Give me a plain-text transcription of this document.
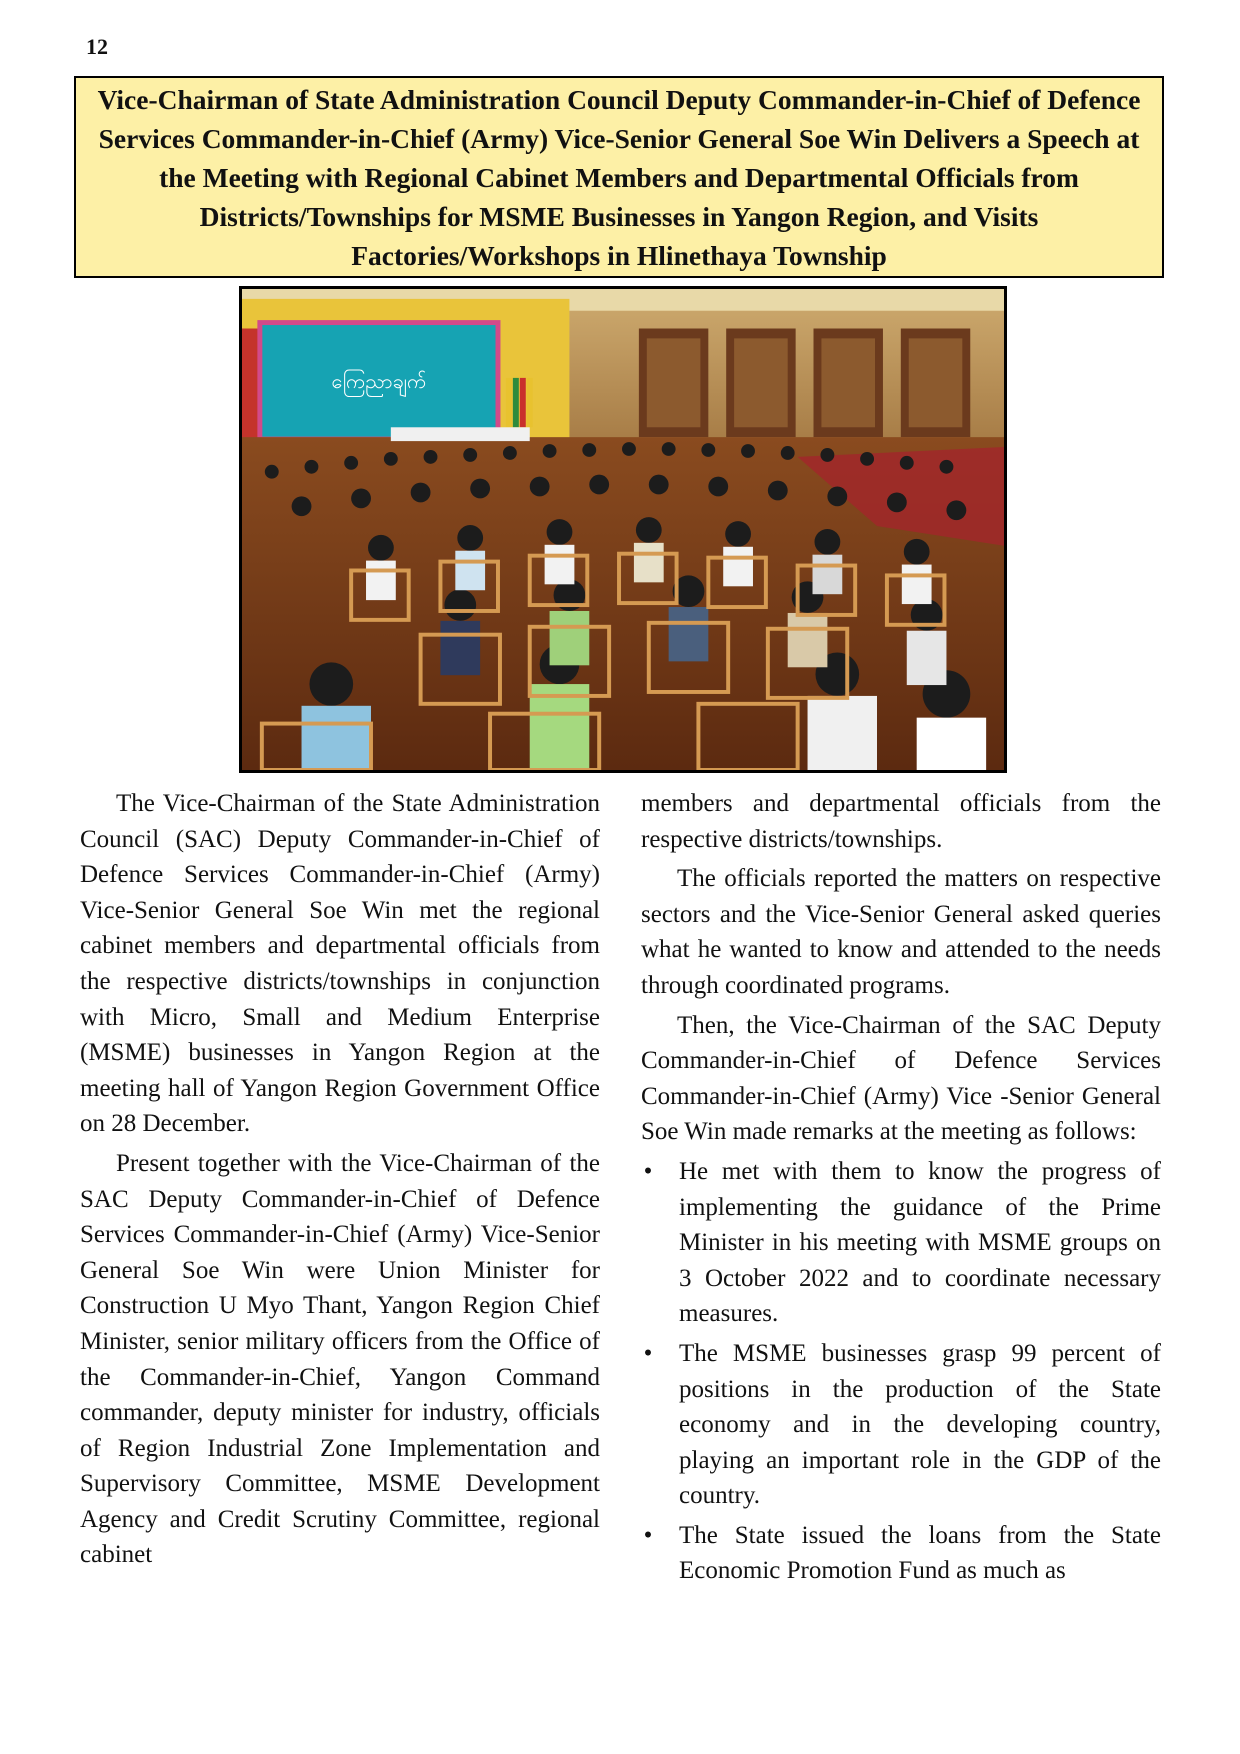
12
Vice-Chairman of State Administration Council Deputy Commander-in-Chief of Defence Services Commander-in-Chief (Army) Vice-Senior General Soe Win Delivers a Speech at the Meeting with Regional Cabinet Members and Departmental Officials from Districts/Townships for MSME Businesses in Yangon Region, and Visits Factories/Workshops in Hlinethaya Township
ကြေညာချက်

The Vice-Chairman of the State Administration Council (SAC) Deputy Commander-in-Chief of Defence Services Commander-in-Chief (Army) Vice-Senior General Soe Win met the regional cabinet members and departmental officials from the respective districts/townships in conjunction with Micro, Small and Medium Enterprise (MSME) businesses in Yangon Region at the meeting hall of Yangon Region Government Office on 28 December.

Present together with the Vice-Chairman of the SAC Deputy Commander-in-Chief of Defence Services Commander-in-Chief (Army) Vice-Senior General Soe Win were Union Minister for Construction U Myo Thant, Yangon Region Chief Minister, senior military officers from the Office of the Commander-in-Chief, Yangon Command commander, deputy minister for industry, officials of Region Industrial Zone Implementation and Supervisory Committee, MSME Development Agency and Credit Scrutiny Committee, regional cabinet

members and departmental officials from the respective districts/townships.

The officials reported the matters on respective sectors and the Vice-Senior General asked queries what he wanted to know and attended to the needs through coordinated programs.

Then, the Vice-Chairman of the SAC Deputy Commander-in-Chief of Defence Services Commander-in-Chief (Army) Vice -Senior General Soe Win made remarks at the meeting as follows:

• He met with them to know the progress of implementing the guidance of the Prime Minister in his meeting with MSME groups on 3 October 2022 and to coordinate necessary measures.
• The MSME businesses grasp 99 percent of positions in the production of the State economy and in the developing country, playing an important role in the GDP of the country.
• The State issued the loans from the State Economic Promotion Fund as much as
